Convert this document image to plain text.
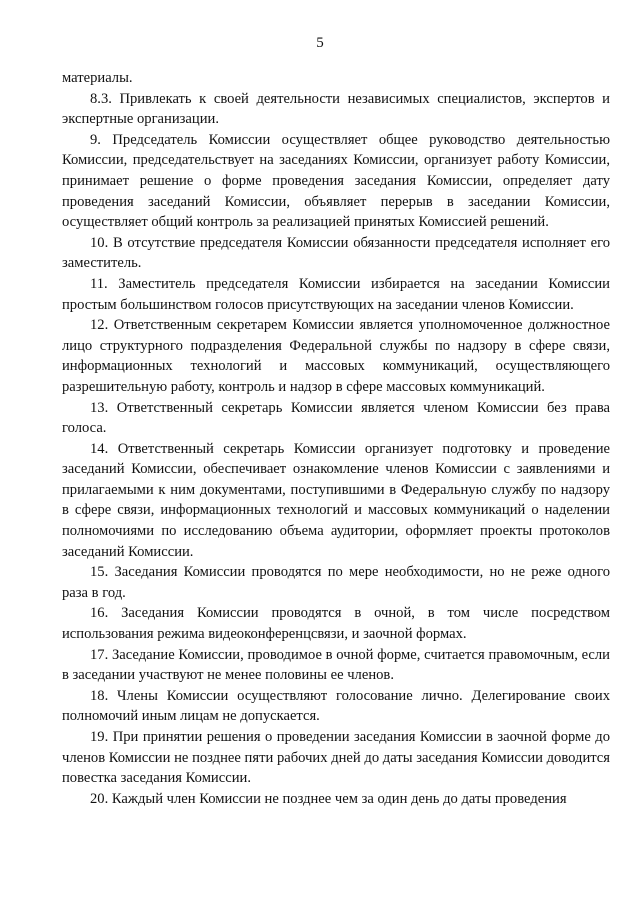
5

материалы.

8.3. Привлекать к своей деятельности независимых специалистов, экспертов и экспертные организации.

9. Председатель Комиссии осуществляет общее руководство деятельностью Комиссии, председательствует на заседаниях Комиссии, организует работу Комиссии, принимает решение о форме проведения заседания Комиссии, определяет дату проведения заседаний Комиссии, объявляет перерыв в заседании Комиссии, осуществляет общий контроль за реализацией принятых Комиссией решений.

10. В отсутствие председателя Комиссии обязанности председателя исполняет его заместитель.

11. Заместитель председателя Комиссии избирается на заседании Комиссии простым большинством голосов присутствующих на заседании членов Комиссии.

12. Ответственным секретарем Комиссии является уполномоченное должностное лицо структурного подразделения Федеральной службы по надзору в сфере связи, информационных технологий и массовых коммуникаций, осуществляющего разрешительную работу, контроль и надзор в сфере массовых коммуникаций.

13. Ответственный секретарь Комиссии является членом Комиссии без права голоса.

14. Ответственный секретарь Комиссии организует подготовку и проведение заседаний Комиссии, обеспечивает ознакомление членов Комиссии с заявлениями и прилагаемыми к ним документами, поступившими в Федеральную службу по надзору в сфере связи, информационных технологий и массовых коммуникаций о наделении полномочиями по исследованию объема аудитории, оформляет проекты протоколов заседаний Комиссии.

15. Заседания Комиссии проводятся по мере необходимости, но не реже одного раза в год.

16. Заседания Комиссии проводятся в очной, в том числе посредством использования режима видеоконференцсвязи, и заочной формах.

17. Заседание Комиссии, проводимое в очной форме, считается правомочным, если в заседании участвуют не менее половины ее членов.

18. Члены Комиссии осуществляют голосование лично. Делегирование своих полномочий иным лицам не допускается.

19. При принятии решения о проведении заседания Комиссии в заочной форме до членов Комиссии не позднее пяти рабочих дней до даты заседания Комиссии доводится повестка заседания Комиссии.

20. Каждый член Комиссии не позднее чем за один день до даты проведения
